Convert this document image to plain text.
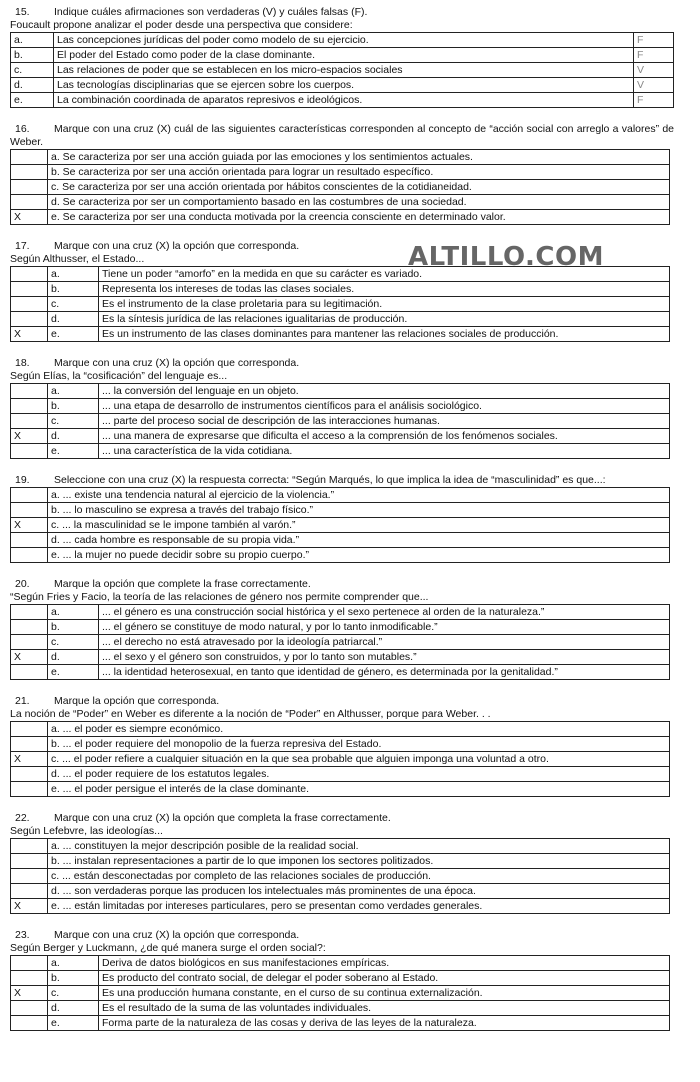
ALTILLO.COM
15. Indique cuáles afirmaciones son verdaderas (V) y cuáles falsas (F).
Foucault propone analizar el poder desde una perspectiva que considere:
a.	Las concepciones jurídicas del poder como modelo de su ejercicio.	F
b.	El poder del Estado como poder de la clase dominante.	F
c.	Las relaciones de poder que se establecen en los micro-espacios sociales	V
d.	Las tecnologías disciplinarias que se ejercen sobre los cuerpos.	V
e.	La combinación coordinada de aparatos represivos e ideológicos.	F
16. Marque con una cruz (X) cuál de las siguientes características corresponden al concepto de “acción social con arreglo a valores” de Weber.
	a. Se caracteriza por ser una acción guiada por las emociones y los sentimientos actuales.
	b. Se caracteriza por ser una acción orientada para lograr un resultado específico.
	c. Se caracteriza por ser una acción orientada por hábitos conscientes de la cotidianeidad.
	d. Se caracteriza por ser un comportamiento basado en las costumbres de una sociedad.
X	e. Se caracteriza por ser una conducta motivada por la creencia consciente en determinado valor.
17. Marque con una cruz (X) la opción que corresponda.
Según Althusser, el Estado...
	a.	Tiene un poder “amorfo” en la medida en que su carácter es variado.
	b.	Representa los intereses de todas las clases sociales.
	c.	Es el instrumento de la clase proletaria para su legitimación.
	d.	Es la síntesis jurídica de las relaciones igualitarias de producción.
X	e.	Es un instrumento de las clases dominantes para mantener las relaciones sociales de producción.
18. Marque con una cruz (X) la opción que corresponda.
Según Elías, la “cosificación” del lenguaje es...
	a.	... la conversión del lenguaje en un objeto.
	b.	... una etapa de desarrollo de instrumentos científicos para el análisis sociológico.
	c.	... parte del proceso social de descripción de las interacciones humanas.
X	d.	... una manera de expresarse que dificulta el acceso a la comprensión de los fenómenos sociales.
	e.	... una característica de la vida cotidiana.
19. Seleccione con una cruz (X) la respuesta correcta: “Según Marqués, lo que implica la idea de “masculinidad” es que...:
	a. ... existe una tendencia natural al ejercicio de la violencia.”
	b. ... lo masculino se expresa a través del trabajo físico.”
X	c. ... la masculinidad se le impone también al varón.”
	d. ... cada hombre es responsable de su propia vida.”
	e. ... la mujer no puede decidir sobre su propio cuerpo.”
20. Marque la opción que complete la frase correctamente.
“Según Fries y Facio, la teoría de las relaciones de género nos permite comprender que...
	a.	... el género es una construcción social histórica y el sexo pertenece al orden de la naturaleza.”
	b.	... el género se constituye de modo natural, y por lo tanto inmodificable.”
	c.	... el derecho no está atravesado por la ideología patriarcal.”
X	d.	... el sexo y el género son construidos, y por lo tanto son mutables.”
	e.	... la identidad heterosexual, en tanto que identidad de género, es determinada por la genitalidad.”
21. Marque la opción que corresponda.
La noción de “Poder” en Weber es diferente a la noción de “Poder” en Althusser, porque para Weber. . .
	a. ... el poder es siempre económico.
	b. ... el poder requiere del monopolio de la fuerza represiva del Estado.
X	c. ... el poder refiere a cualquier situación en la que sea probable que alguien imponga una voluntad a otro.
	d. ... el poder requiere de los estatutos legales.
	e. ... el poder persigue el interés de la clase dominante.
22. Marque con una cruz (X) la opción que completa la frase correctamente.
Según Lefebvre, las ideologías...
	a. ... constituyen la mejor descripción posible de la realidad social.
	b. ... instalan representaciones a partir de lo que imponen los sectores politizados.
	c. ... están desconectadas por completo de las relaciones sociales de producción.
	d. ... son verdaderas porque las producen los intelectuales más prominentes de una época.
X	e. ... están limitadas por intereses particulares, pero se presentan como verdades generales.
23. Marque con una cruz (X) la opción que corresponda.
Según Berger y Luckmann, ¿de qué manera surge el orden social?:
	a.	Deriva de datos biológicos en sus manifestaciones empíricas.
	b.	Es producto del contrato social, de delegar el poder soberano al Estado.
X	c.	Es una producción humana constante, en el curso de su continua externalización.
	d.	Es el resultado de la suma de las voluntades individuales.
	e.	Forma parte de la naturaleza de las cosas y deriva de las leyes de la naturaleza.
